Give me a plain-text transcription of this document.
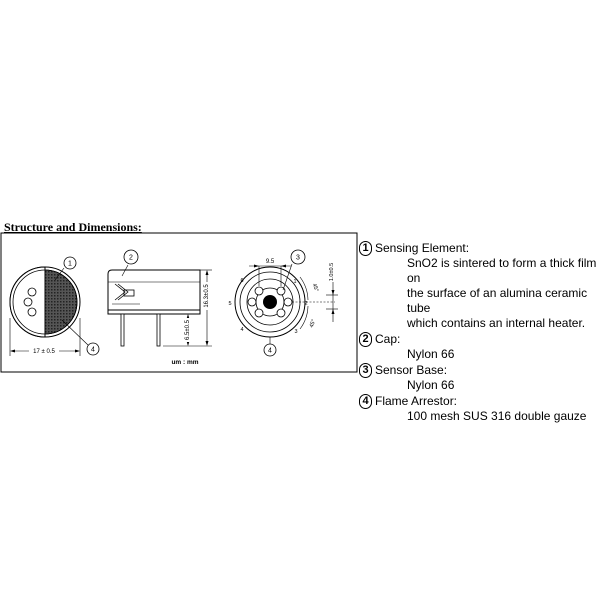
Structure and Dimensions:
17 ± 0.5
16.3±0.5
6.5±0.5
um : mm
1
2
3
4
5
6
9.5
45°
45°
1.0±0.5
1
4
2	3
4
1 Sensing Element:
SnO2 is sintered to form a thick film on
the surface of an alumina ceramic tube
which contains an internal heater.
2 Cap:
Nylon 66
3 Sensor Base:
Nylon 66
4 Flame Arrestor:
100 mesh SUS 316 double gauze
